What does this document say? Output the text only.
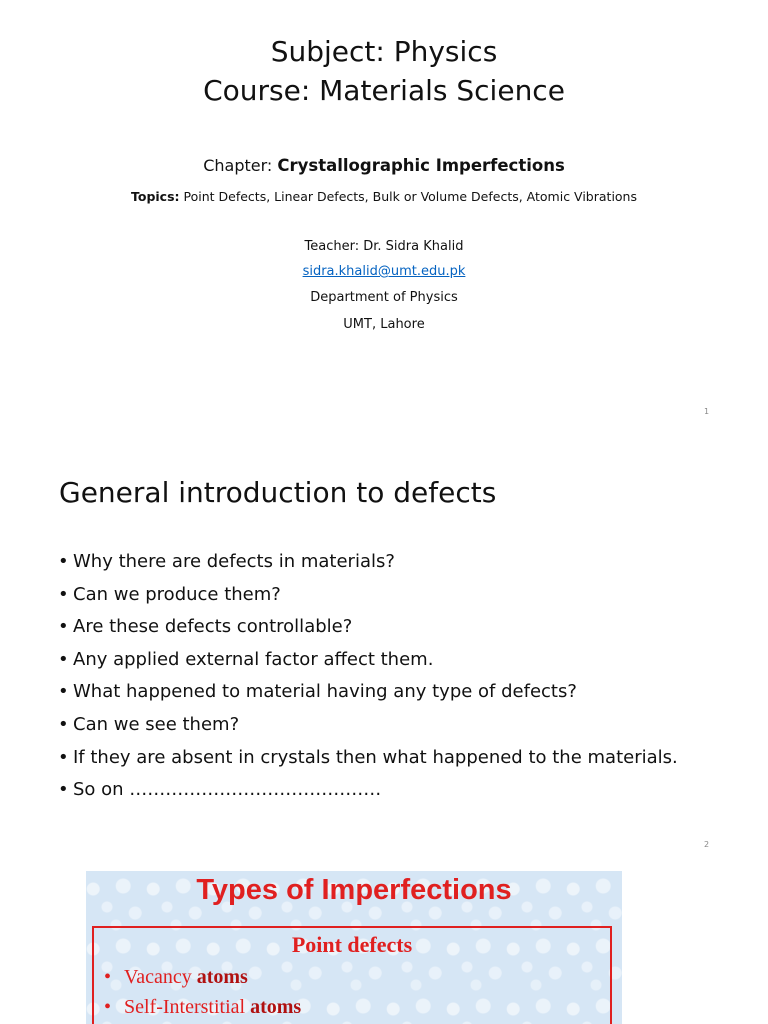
Subject: Physics
Course: Materials Science
Chapter: Crystallographic Imperfections
Topics: Point Defects, Linear Defects, Bulk or Volume Defects, Atomic Vibrations
Teacher: Dr. Sidra Khalid
sidra.khalid@umt.edu.pk
Department of Physics
UMT, Lahore
1
General introduction to defects
• Why there are defects in materials?
• Can we produce them?
• Are these defects controllable?
• Any applied external factor affect them.
• What happened to material having any type of defects?
• Can we see them?
• If they are absent in crystals then what happened to the materials.
• So on ……………………………………
2
Types of Imperfections
Point defects
• Vacancy atoms
• Self-Interstitial atoms
